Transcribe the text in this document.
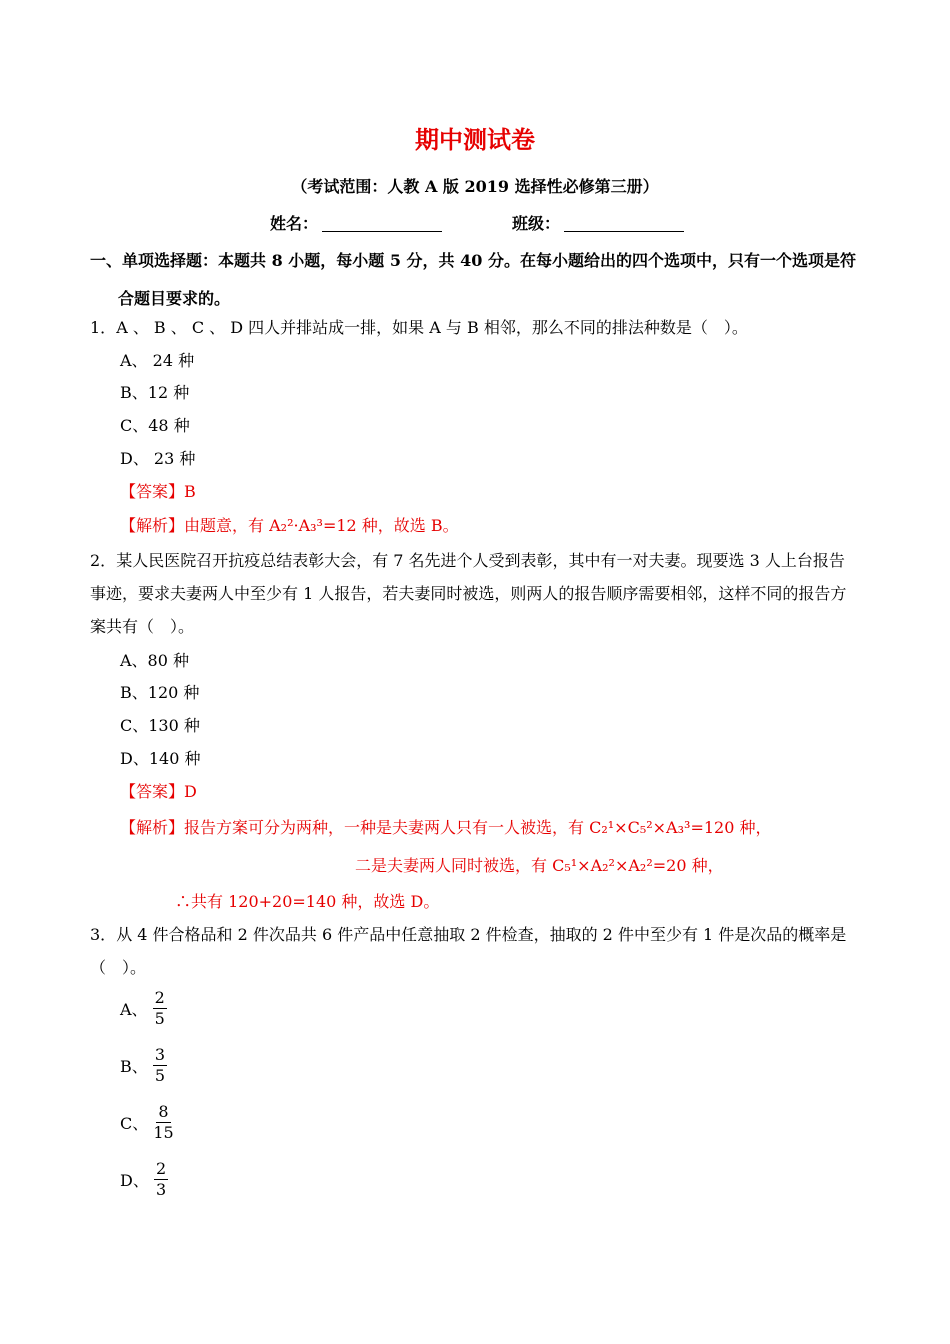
期中测试卷
（考试范围：人教 A 版 2019 选择性必修第三册）
姓名：	班级：
一、单项选择题：本题共 8 小题，每小题 5 分，共 40 分。在每小题给出的四个选项中，只有一个选项是符
合题目要求的。
1．A 、 B 、 C 、 D 四人并排站成一排，如果 A 与 B 相邻，那么不同的排法种数是（　）。
A、 24 种
B、12 种
C、48 种
D、 23 种
【答案】B
【解析】由题意，有 A₂²·A₃³=12 种，故选 B。
2．某人民医院召开抗疫总结表彰大会，有 7 名先进个人受到表彰，其中有一对夫妻。现要选 3 人上台报告
事迹，要求夫妻两人中至少有 1 人报告，若夫妻同时被选，则两人的报告顺序需要相邻，这样不同的报告方
案共有（　）。
A、80 种
B、120 种
C、130 种
D、140 种
【答案】D
【解析】报告方案可分为两种，一种是夫妻两人只有一人被选，有 C₂¹×C₅²×A₃³=120 种，
二是夫妻两人同时被选，有 C₅¹×A₂²×A₂²=20 种，
∴共有 120+20=140 种，故选 D。
3．从 4 件合格品和 2 件次品共 6 件产品中任意抽取 2 件检查，抽取的 2 件中至少有 1 件是次品的概率是
（　）。
A、 $\frac{2}{5}$
B、 $\frac{3}{5}$
C、 $\frac{8}{15}$
D、 $\frac{2}{3}$
